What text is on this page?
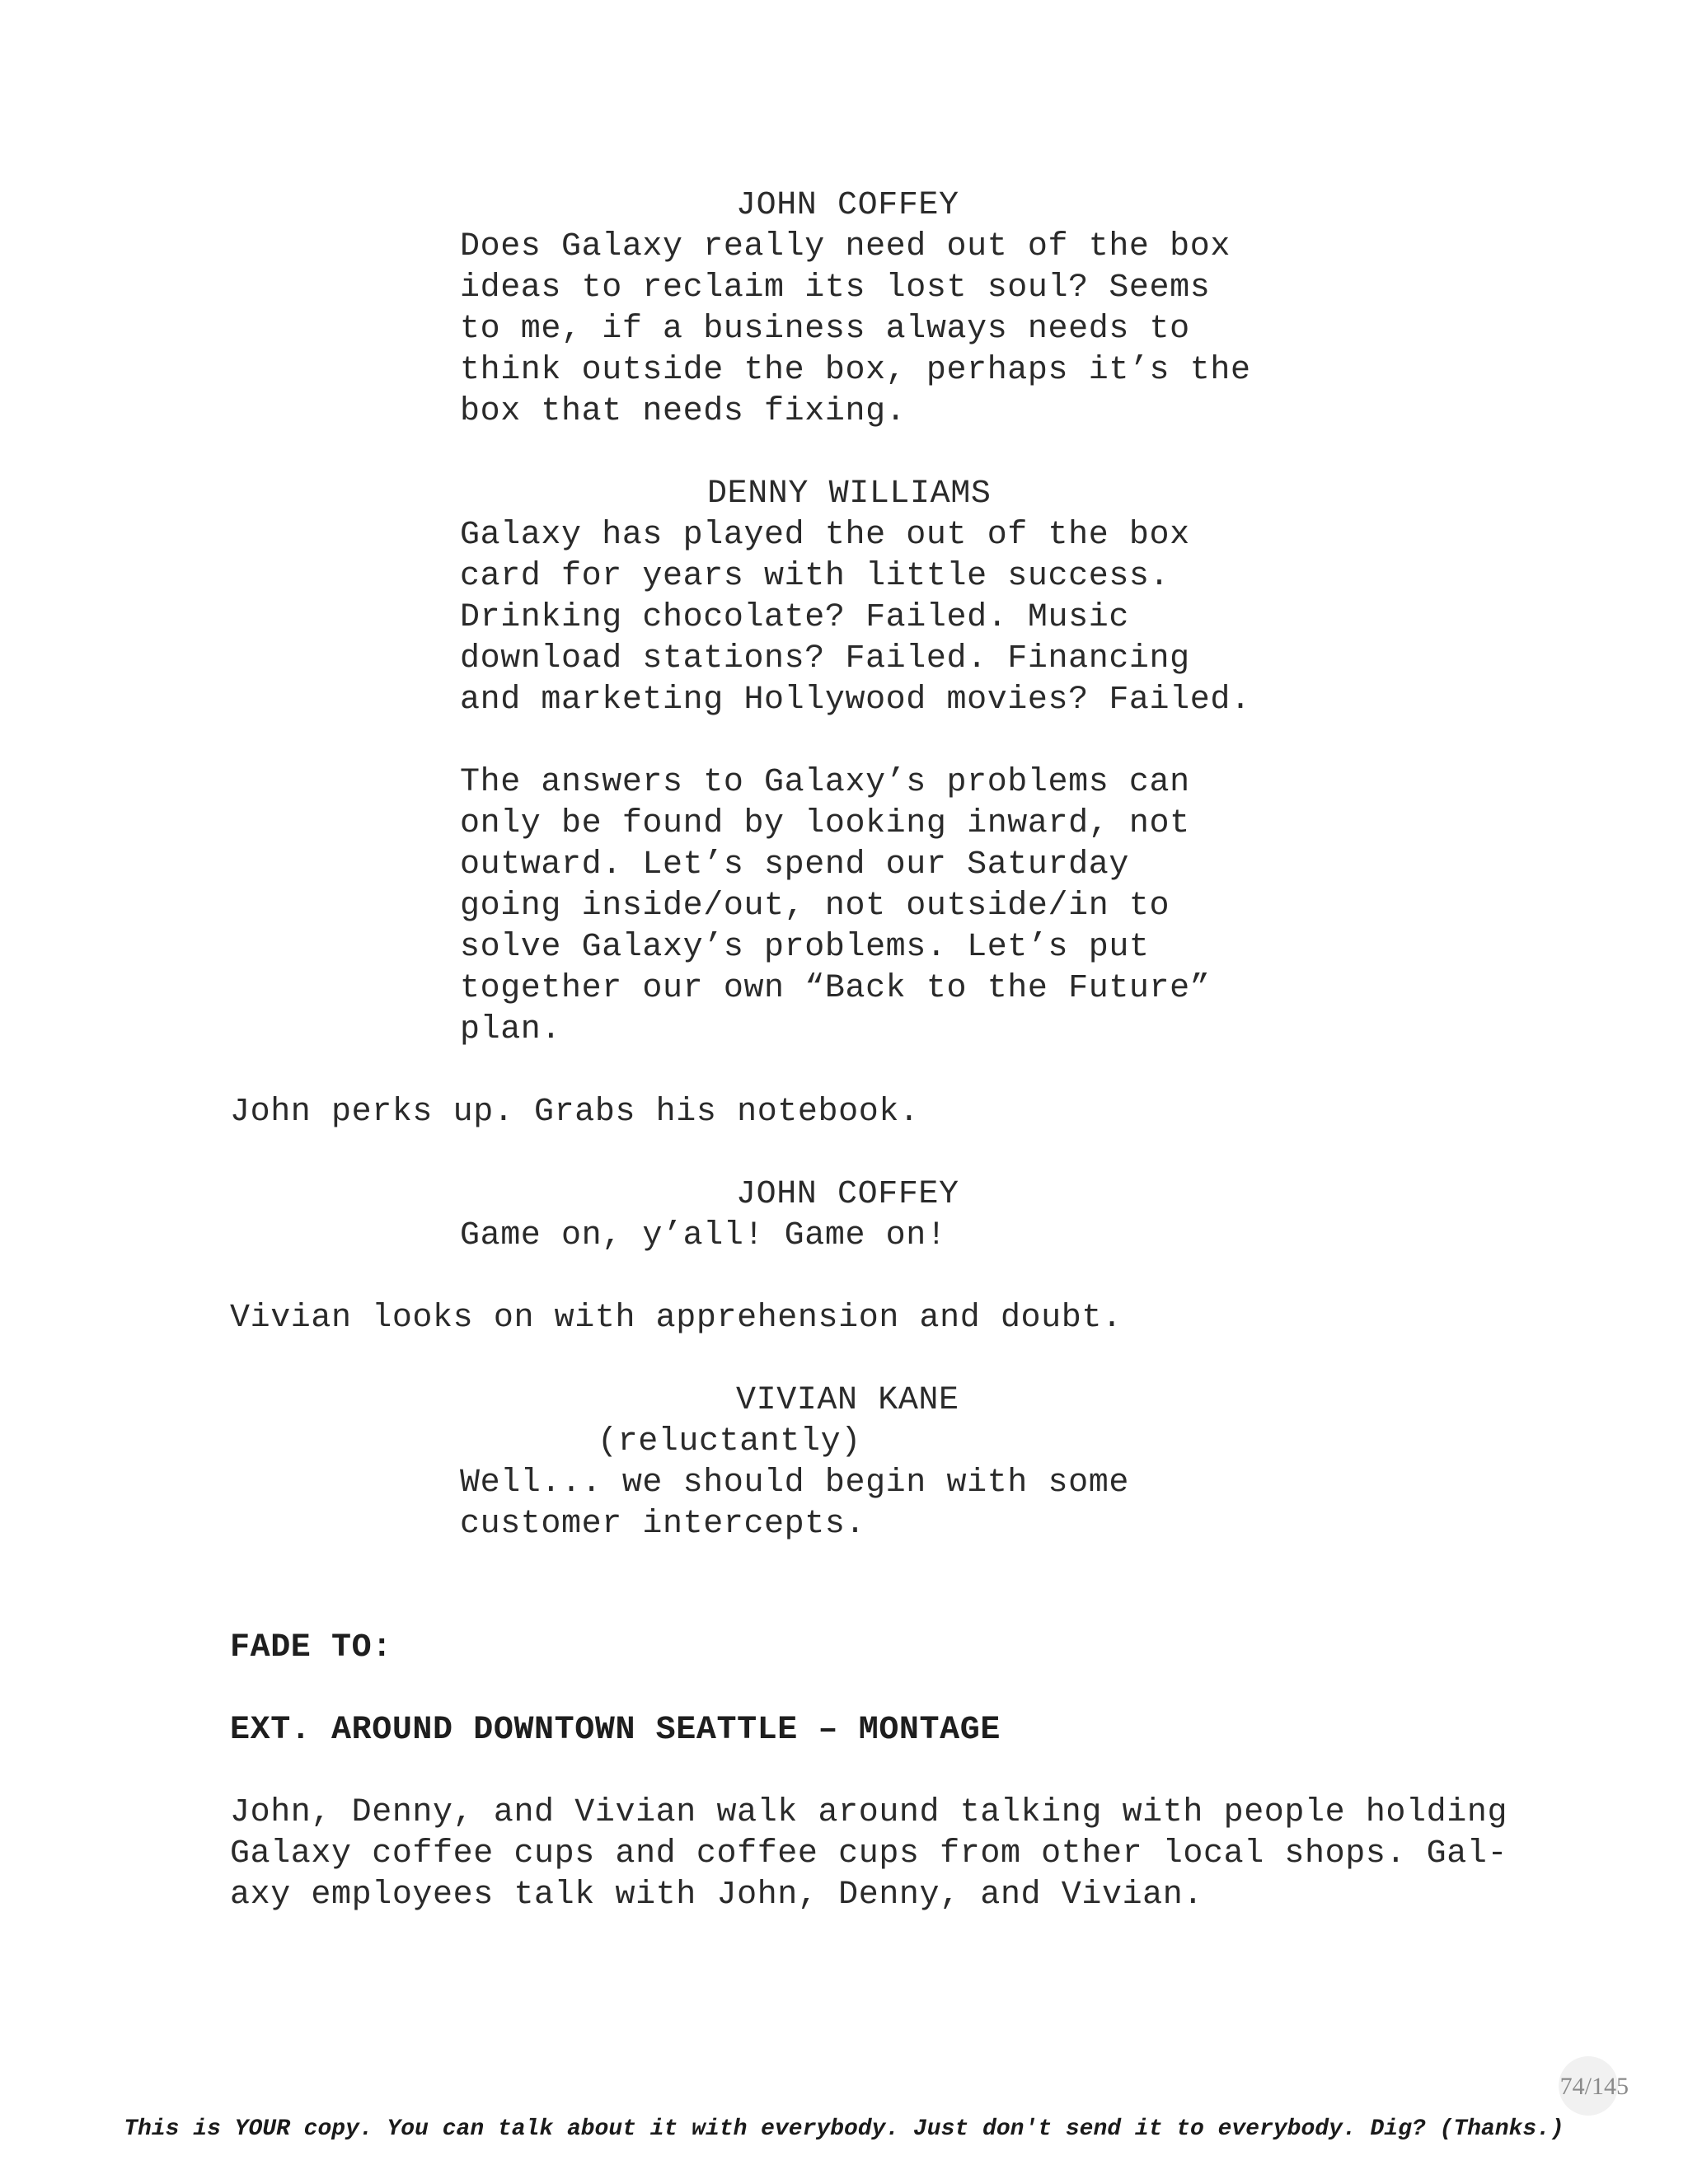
JOHN COFFEY
Does Galaxy really need out of the box
ideas to reclaim its lost soul? Seems
to me, if a business always needs to
think outside the box, perhaps it’s the
box that needs fixing.
DENNY WILLIAMS
Galaxy has played the out of the box
card for years with little success.
Drinking chocolate? Failed. Music
download stations? Failed. Financing
and marketing Hollywood movies? Failed.
The answers to Galaxy’s problems can
only be found by looking inward, not
outward. Let’s spend our Saturday
going inside/out, not outside/in to
solve Galaxy’s problems. Let’s put
together our own “Back to the Future”
plan.
John perks up. Grabs his notebook.
JOHN COFFEY
Game on, y’all! Game on!
Vivian looks on with apprehension and doubt.
VIVIAN KANE
(reluctantly)
Well... we should begin with some
customer intercepts.
FADE TO:
EXT. AROUND DOWNTOWN SEATTLE – MONTAGE
John, Denny, and Vivian walk around talking with people holding
Galaxy coffee cups and coffee cups from other local shops. Gal-
axy employees talk with John, Denny, and Vivian.
74/145
This is YOUR copy. You can talk about it with everybody. Just don't send it to everybody. Dig? (Thanks.)
